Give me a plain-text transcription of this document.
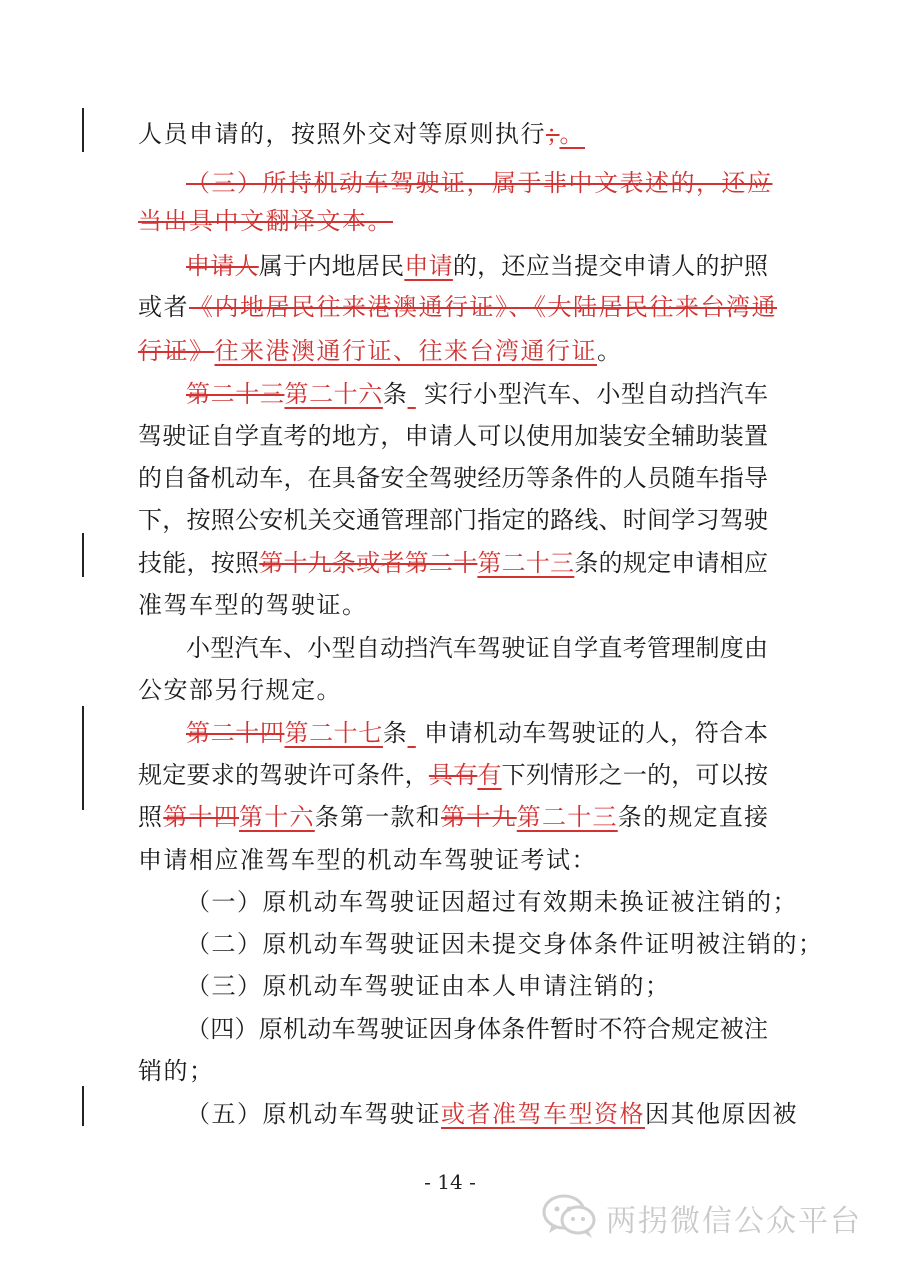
人员申请的，按照外交对等原则执行；。
（三）所持机动车驾驶证，属于非中文表述的，还应
当出具中文翻译文本。
申请人属于内地居民申请的，还应当提交申请人的护照
或者《内地居民往来港澳通行证》、《大陆居民往来台湾通
行证》往来港澳通行证、往来台湾通行证。
第二十三第二十六条  实行小型汽车、小型自动挡汽车
驾驶证自学直考的地方，申请人可以使用加装安全辅助装置
的自备机动车，在具备安全驾驶经历等条件的人员随车指导
下，按照公安机关交通管理部门指定的路线、时间学习驾驶
技能，按照第十九条或者第二十第二十三条的规定申请相应
准驾车型的驾驶证。
小型汽车、小型自动挡汽车驾驶证自学直考管理制度由
公安部另行规定。
第二十四第二十七条  申请机动车驾驶证的人，符合本
规定要求的驾驶许可条件，具有有下列情形之一的，可以按
照第十四第十六条第一款和第十九第二十三条的规定直接
申请相应准驾车型的机动车驾驶证考试：
（一）原机动车驾驶证因超过有效期未换证被注销的；
（二）原机动车驾驶证因未提交身体条件证明被注销的；
（三）原机动车驾驶证由本人申请注销的；
（四）原机动车驾驶证因身体条件暂时不符合规定被注
销的；
（五）原机动车驾驶证或者准驾车型资格因其他原因被
- 14 -
两拐微信公众平台
